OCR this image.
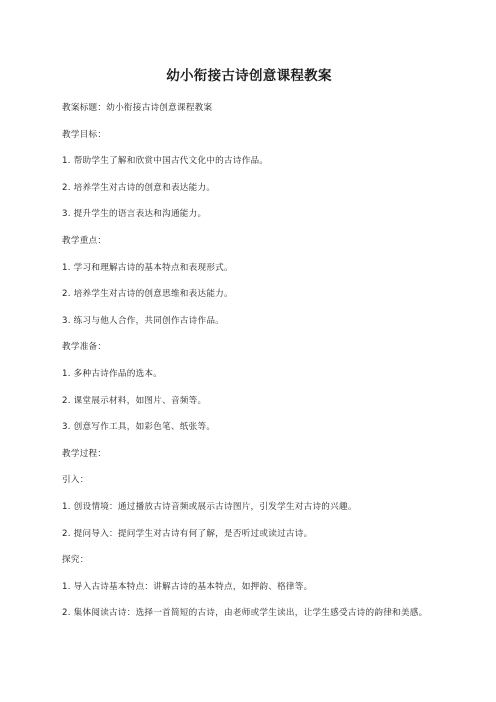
幼小衔接古诗创意课程教案
教案标题：幼小衔接古诗创意课程教案
教学目标：
1. 帮助学生了解和欣赏中国古代文化中的古诗作品。
2. 培养学生对古诗的创意和表达能力。
3. 提升学生的语言表达和沟通能力。
教学重点：
1. 学习和理解古诗的基本特点和表现形式。
2. 培养学生对古诗的创意思维和表达能力。
3. 练习与他人合作，共同创作古诗作品。
教学准备：
1. 多种古诗作品的选本。
2. 课堂展示材料，如图片、音频等。
3. 创意写作工具，如彩色笔、纸张等。
教学过程：
引入：
1. 创设情境：通过播放古诗音频或展示古诗图片，引发学生对古诗的兴趣。
2. 提问导入：提问学生对古诗有何了解，是否听过或读过古诗。
探究：
1. 导入古诗基本特点：讲解古诗的基本特点，如押韵、格律等。
2. 集体阅读古诗：选择一首简短的古诗，由老师或学生读出，让学生感受古诗的韵律和美感。
